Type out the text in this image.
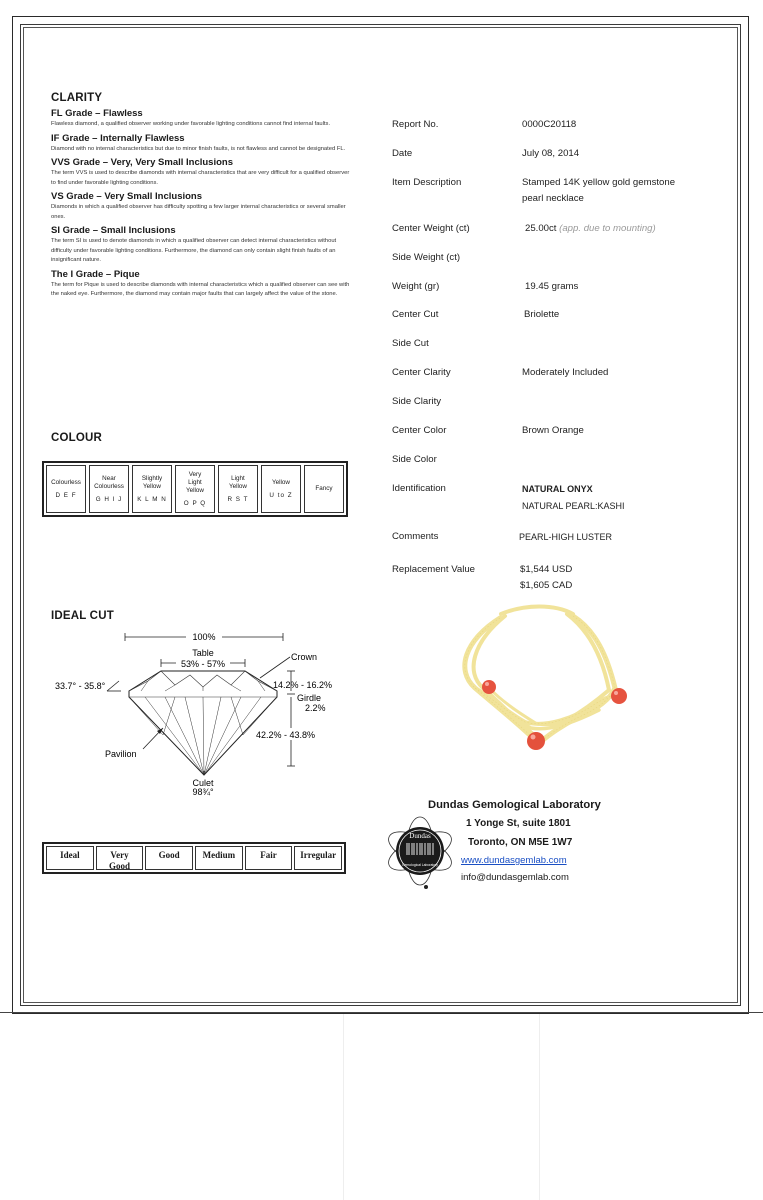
CLARITY
FL Grade – Flawless

Flawless diamond, a qualified observer working under favorable lighting conditions cannot find internal faults.

IF Grade – Internally Flawless

Diamond with no internal characteristics but due to minor finish faults, is not flawless and cannot be designated FL.

VVS Grade – Very, Very Small Inclusions

The term VVS is used to describe diamonds with internal characteristics that are very difficult for a qualified observer to find under favorable lighting conditions.

VS Grade – Very Small Inclusions

Diamonds in which a qualified observer has difficulty spotting a few larger internal characteristics or several smaller ones.

SI Grade – Small Inclusions

The term SI is used to denote diamonds in which a qualified observer can detect internal characteristics without difficulty under favorable lighting conditions. Furthermore, the diamond can only contain slight finish faults of an insignificant nature.

The I Grade – Pique

The term for Pique is used to describe diamonds with internal characteristics which a qualified observer can see with the naked eye. Furthermore, the diamond may contain major faults that can largely affect the value of the stone.

COLOUR
Colourless
D E F
Near
Colourless
G H I J
Slightly
Yellow
K L M N
Very
Light
Yellow
O P Q
Light
Yellow
R S T
Yellow
U to Z
Fancy
IDEAL CUT
100%
Table
53% - 57%
Crown
33.7° - 35.8°	14.2% - 16.2%
Girdle
2.2%
42.2% - 43.8%
Pavilion
Culet
98¾°
Ideal	Very
Good
Good	Medium	Fair	Irregular
Report No.	0000C20118
Date	July 08, 2014
Item Description	Stamped 14K yellow gold gemstone
pearl necklace
Center Weight (ct)	25.00ct (app. due to mounting)
Side Weight (ct)
Weight (gr)	19.45 grams
Center Cut	Briolette
Side Cut
Center Clarity	Moderately Included
Side Clarity
Center Color	Brown Orange
Side Color
Identification	NATURAL ONYX
NATURAL PEARL:KASHI
Comments	PEARL-HIGH LUSTER
Replacement Value	$1,544 USD
$1,605 CAD
Dundas
Gemological Laboratory
Dundas Gemological Laboratory
1 Yonge St, suite 1801
Toronto, ON M5E 1W7
www.dundasgemlab.com
info@dundasgemlab.com
